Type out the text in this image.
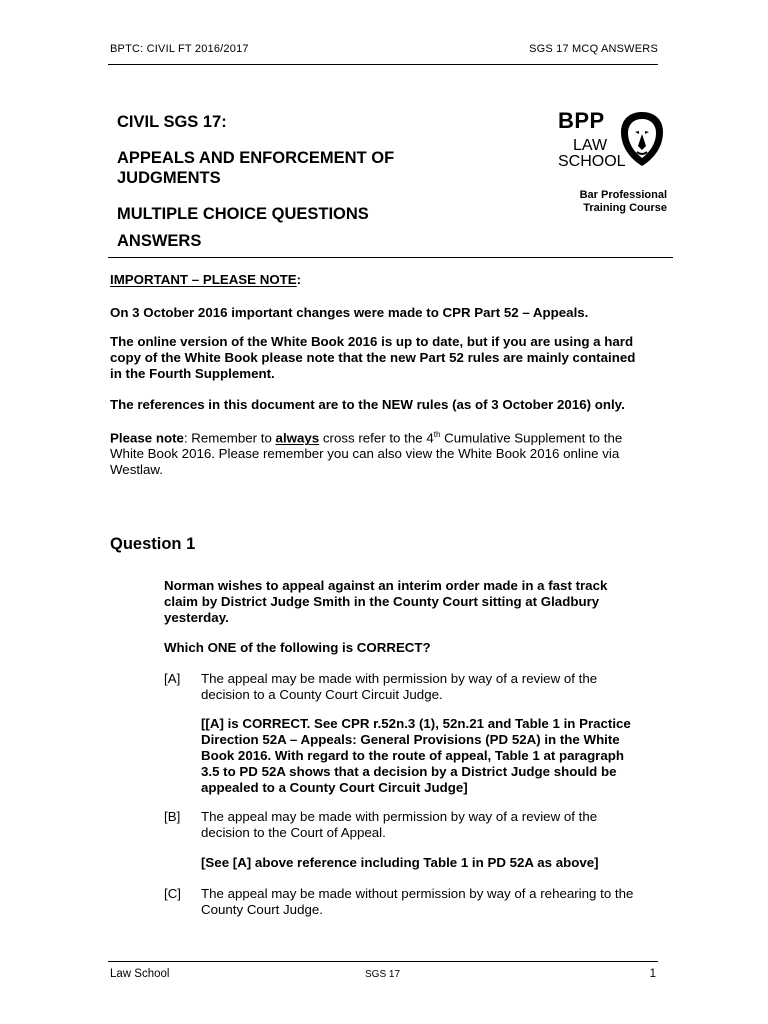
BPTC: CIVIL FT 2016/2017	SGS 17 MCQ ANSWERS
CIVIL SGS 17:
APPEALS AND ENFORCEMENT OF
JUDGMENTS
MULTIPLE CHOICE QUESTIONS
ANSWERS
BPP
LAW
SCHOOL
Bar Professional
Training Course
IMPORTANT – PLEASE NOTE:
On 3 October 2016 important changes were made to CPR Part 52 – Appeals.
The online version of the White Book 2016 is up to date, but if you are using a hard
copy of the White Book please note that the new Part 52 rules are mainly contained
in the Fourth Supplement.
The references in this document are to the NEW rules (as of 3 October 2016) only.
Please note: Remember to always cross refer to the 4th Cumulative Supplement to the
White Book 2016. Please remember you can also view the White Book 2016 online via
Westlaw.
Question 1
Norman wishes to appeal against an interim order made in a fast track
claim by District Judge Smith in the County Court sitting at Gladbury
yesterday.
Which ONE of the following is CORRECT?
[A] The appeal may be made with permission by way of a review of the
decision to a County Court Circuit Judge.
[[A] is CORRECT. See CPR r.52n.3 (1), 52n.21 and Table 1 in Practice
Direction 52A – Appeals: General Provisions (PD 52A) in the White
Book 2016. With regard to the route of appeal, Table 1 at paragraph
3.5 to PD 52A shows that a decision by a District Judge should be
appealed to a County Court Circuit Judge]
[B] The appeal may be made with permission by way of a review of the
decision to the Court of Appeal.
[See [A] above reference including Table 1 in PD 52A as above]
[C] The appeal may be made without permission by way of a rehearing to the
County Court Judge.
Law School	SGS 17	1
